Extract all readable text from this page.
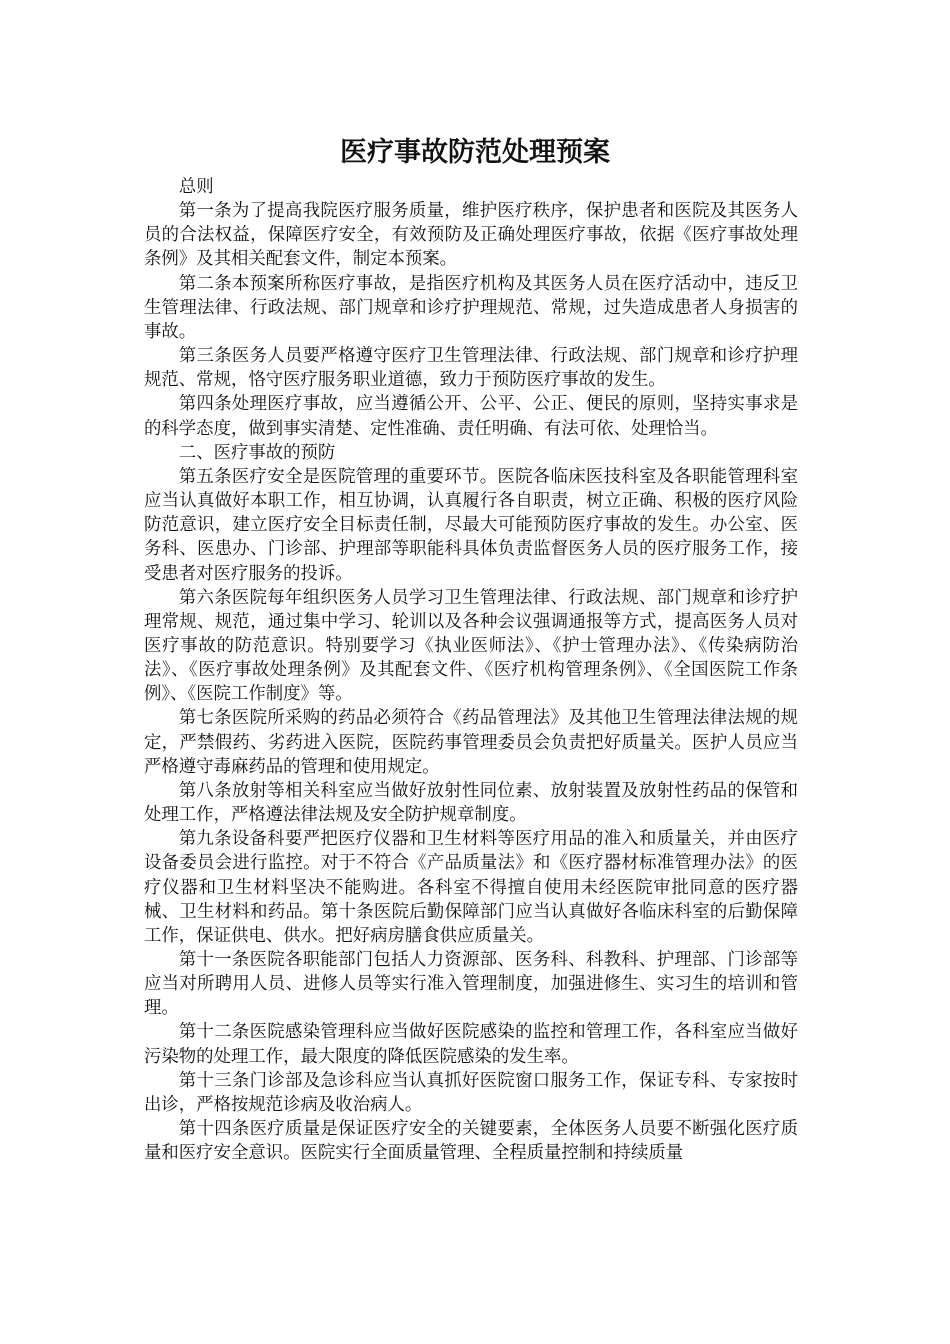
医疗事故防范处理预案

总则

第一条为了提高我院医疗服务质量，维护医疗秩序，保护患者和医院及其医务人员的合法权益，保障医疗安全，有效预防及正确处理医疗事故，依据《医疗事故处理条例》及其相关配套文件，制定本预案。

第二条本预案所称医疗事故，是指医疗机构及其医务人员在医疗活动中，违反卫生管理法律、行政法规、部门规章和诊疗护理规范、常规，过失造成患者人身损害的事故。

第三条医务人员要严格遵守医疗卫生管理法律、行政法规、部门规章和诊疗护理规范、常规，恪守医疗服务职业道德，致力于预防医疗事故的发生。

第四条处理医疗事故，应当遵循公开、公平、公正、便民的原则，坚持实事求是的科学态度，做到事实清楚、定性准确、责任明确、有法可依、处理恰当。

二、医疗事故的预防

第五条医疗安全是医院管理的重要环节。医院各临床医技科室及各职能管理科室应当认真做好本职工作，相互协调，认真履行各自职责，树立正确、积极的医疗风险防范意识，建立医疗安全目标责任制，尽最大可能预防医疗事故的发生。办公室、医务科、医患办、门诊部、护理部等职能科具体负责监督医务人员的医疗服务工作，接受患者对医疗服务的投诉。

第六条医院每年组织医务人员学习卫生管理法律、行政法规、部门规章和诊疗护理常规、规范，通过集中学习、轮训以及各种会议强调通报等方式，提高医务人员对医疗事故的防范意识。特别要学习《执业医师法》、《护士管理办法》、《传染病防治法》、《医疗事故处理条例》及其配套文件、《医疗机构管理条例》、《全国医院工作条例》、《医院工作制度》等。

第七条医院所采购的药品必须符合《药品管理法》及其他卫生管理法律法规的规定，严禁假药、劣药进入医院，医院药事管理委员会负责把好质量关。医护人员应当严格遵守毒麻药品的管理和使用规定。

第八条放射等相关科室应当做好放射性同位素、放射装置及放射性药品的保管和处理工作，严格遵法律法规及安全防护规章制度。

第九条设备科要严把医疗仪器和卫生材料等医疗用品的准入和质量关，并由医疗设备委员会进行监控。对于不符合《产品质量法》和《医疗器材标准管理办法》的医疗仪器和卫生材料坚决不能购进。各科室不得擅自使用未经医院审批同意的医疗器械、卫生材料和药品。第十条医院后勤保障部门应当认真做好各临床科室的后勤保障工作，保证供电、供水。把好病房膳食供应质量关。

第十一条医院各职能部门包括人力资源部、医务科、科教科、护理部、门诊部等应当对所聘用人员、进修人员等实行准入管理制度，加强进修生、实习生的培训和管理。

第十二条医院感染管理科应当做好医院感染的监控和管理工作，各科室应当做好污染物的处理工作，最大限度的降低医院感染的发生率。

第十三条门诊部及急诊科应当认真抓好医院窗口服务工作，保证专科、专家按时出诊，严格按规范诊病及收治病人。

第十四条医疗质量是保证医疗安全的关键要素，全体医务人员要不断强化医疗质量和医疗安全意识。医院实行全面质量管理、全程质量控制和持续质量
